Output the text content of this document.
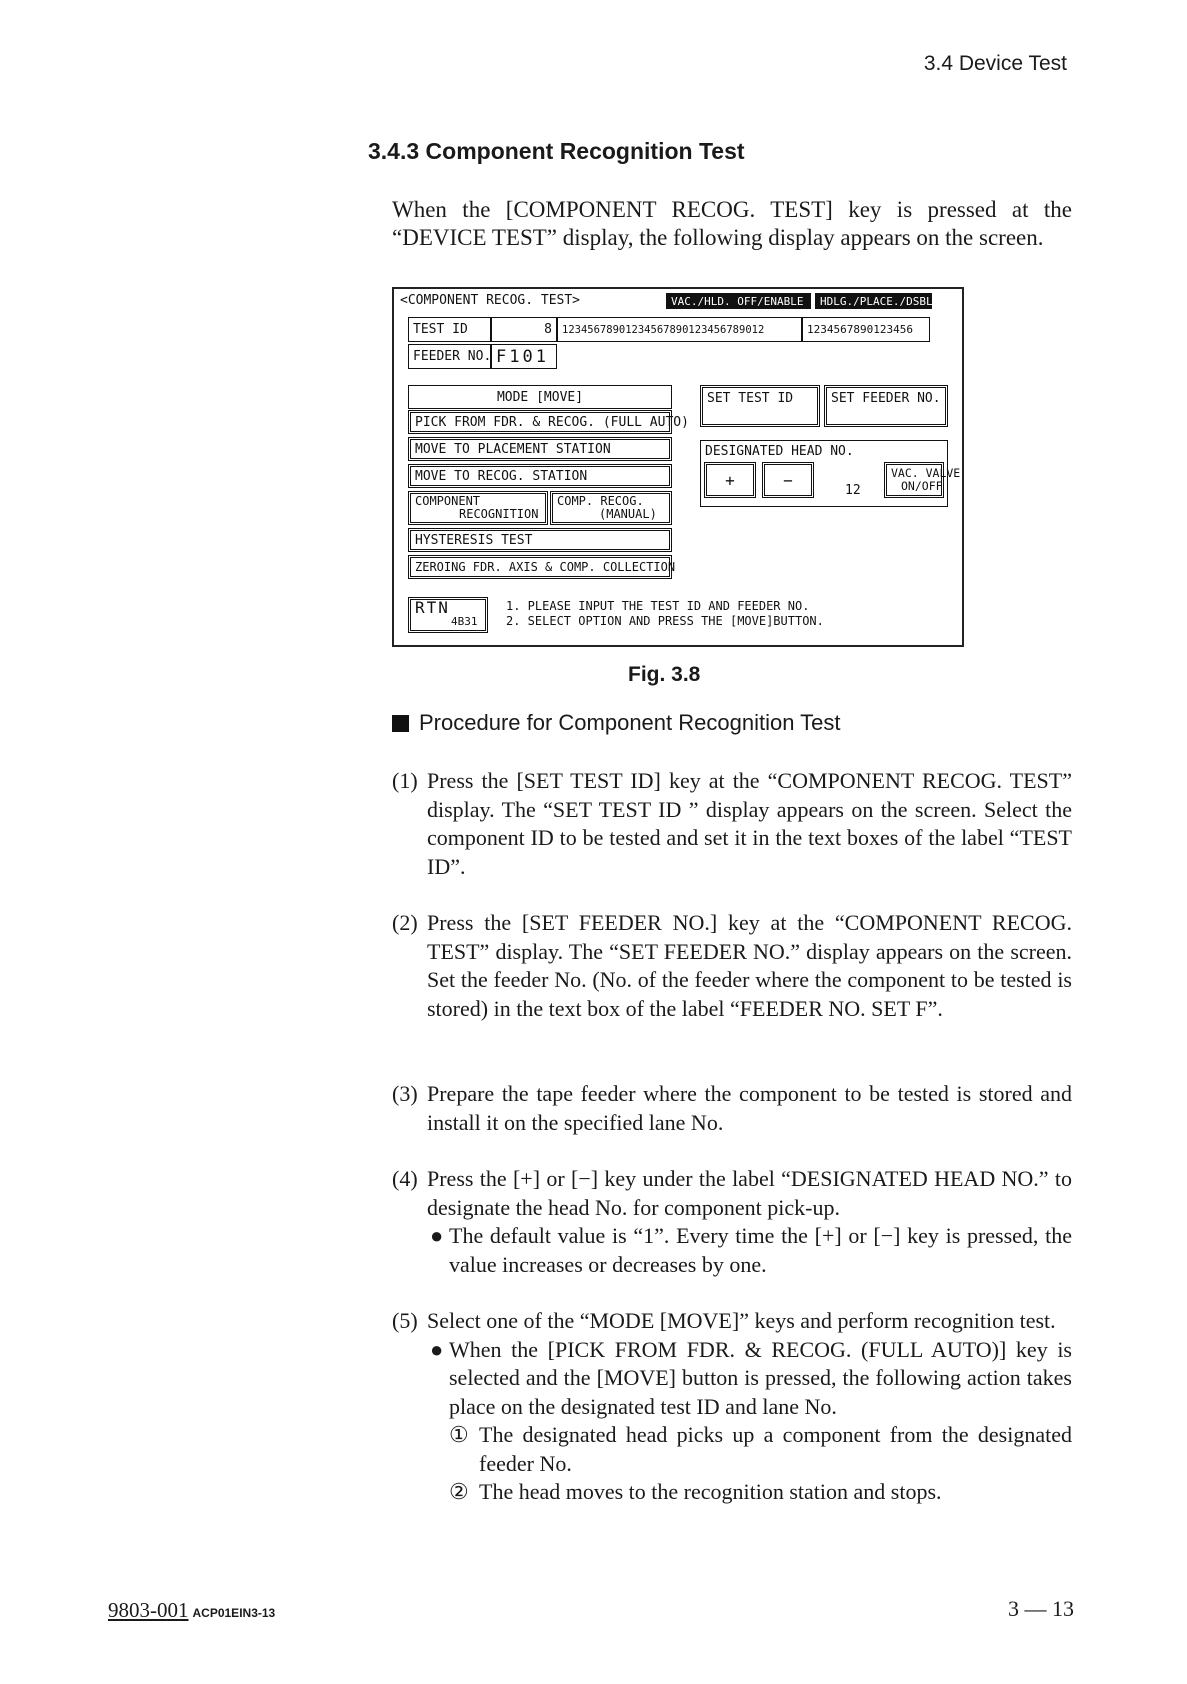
3.4 Device Test
3.4.3 Component Recognition Test
When the [COMPONENT RECOG. TEST] key is pressed at the “DEVICE TEST” display, the following display appears on the screen.
<COMPONENT RECOG. TEST>	VAC./HLD. OFF/ENABLE	HDLG./PLACE./DSBL
TEST ID	8 12345678901234567890123456789012	1234567890123456
FEEDER NO. F101
MODE [MOVE]
PICK FROM FDR. & RECOG. (FULL AUTO)
MOVE TO PLACEMENT STATION
MOVE TO RECOG. STATION
COMPONENT
RECOGNITION
COMP. RECOG.
(MANUAL)
HYSTERESIS TEST
ZEROING FDR. AXIS & COMP. COLLECTION
SET TEST ID	SET FEEDER NO.
DESIGNATED HEAD NO.
+	−
12
VAC. VALVE
ON/OFF
RTN
4B31
1. PLEASE INPUT THE TEST ID AND FEEDER NO.
2. SELECT OPTION AND PRESS THE [MOVE]BUTTON.
Fig. 3.8
Procedure for Component Recognition Test
(1) Press the [SET TEST ID] key at the “COMPONENT RECOG. TEST” display. The “SET TEST ID ” display appears on the screen. Select the component ID to be tested and set it in the text boxes of the label “TEST ID”.
(2) Press the [SET FEEDER NO.] key at the “COMPONENT RECOG. TEST” display. The “SET FEEDER NO.” display appears on the screen. Set the feeder No. (No. of the feeder where the component to be tested is stored) in the text box of the label “FEEDER NO. SET F”.
(3) Prepare the tape feeder where the component to be tested is stored and install it on the specified lane No.
(4) Press the [+] or [−] key under the label “DESIGNATED HEAD NO.” to designate the head No. for component pick-up.
● The default value is “1”. Every time the [+] or [−] key is pressed, the value increases or decreases by one.
(5) Select one of the “MODE [MOVE]” keys and perform recognition test.
● When the [PICK FROM FDR. & RECOG. (FULL AUTO)] key is selected and the [MOVE] button is pressed, the following action takes place on the designated test ID and lane No.
① The designated head picks up a component from the designated feeder No.
② The head moves to the recognition station and stops.
9803-001 ACP01EIN3-13	3 — 13
